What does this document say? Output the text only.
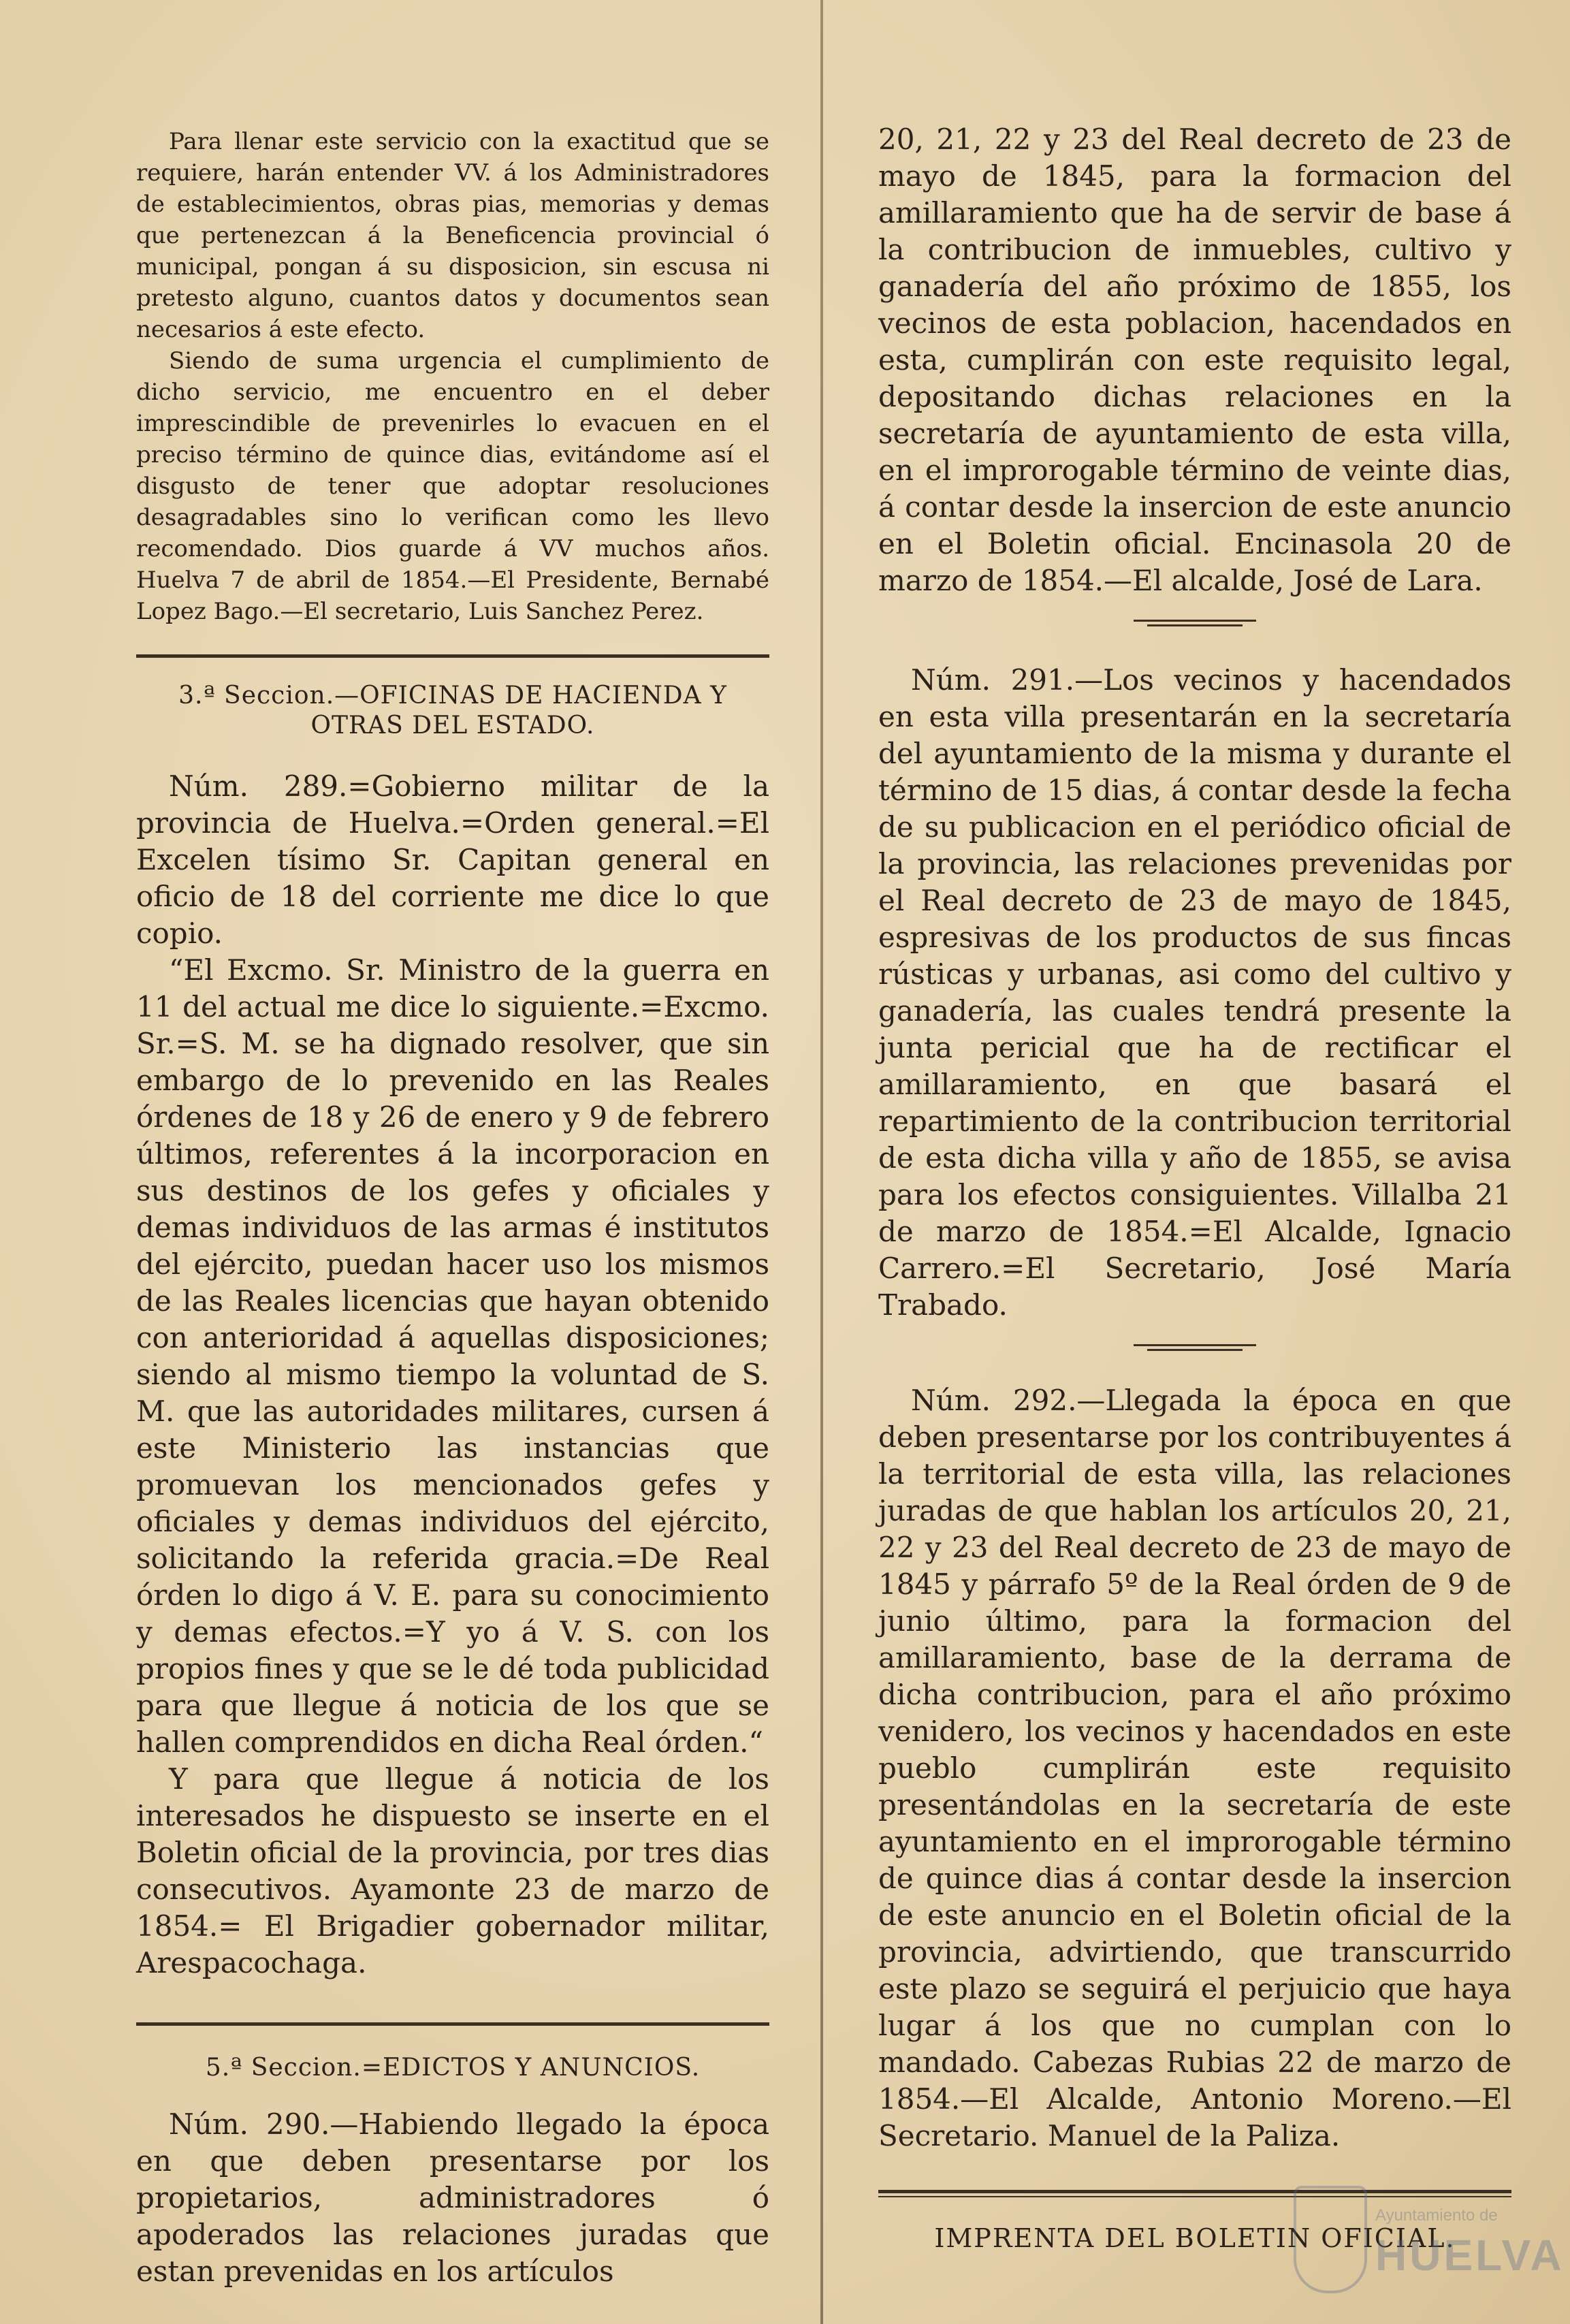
Para llenar este servicio con la exactitud que se requiere, harán entender VV. á los Administradores de establecimientos, obras pias, memorias y demas que pertenezcan á la Beneficencia provincial ó municipal, pongan á su disposicion, sin escusa ni pretesto alguno, cuantos datos y documentos sean necesarios á este efecto.

Siendo de suma urgencia el cumplimiento de dicho servicio, me encuentro en el deber imprescindible de prevenirles lo evacuen en el preciso término de quince dias, evitándome así el disgusto de tener que adoptar resoluciones desagradables sino lo verifican como les llevo recomendado. Dios guarde á VV muchos años. Huelva 7 de abril de 1854.—El Presidente, Bernabé Lopez Bago.—El secretario, Luis Sanchez Perez.

3.ª Seccion.—OFICINAS DE HACIENDA Y OTRAS DEL ESTADO.

Núm. 289.=Gobierno militar de la provincia de Huelva.=Orden general.=El Excelen tísimo Sr. Capitan general en oficio de 18 del corriente me dice lo que copio.

“El Excmo. Sr. Ministro de la guerra en 11 del actual me dice lo siguiente.=Excmo. Sr.=S. M. se ha dignado resolver, que sin embargo de lo prevenido en las Reales órdenes de 18 y 26 de enero y 9 de febrero últimos, referentes á la incorporacion en sus destinos de los gefes y oficiales y demas individuos de las armas é institutos del ejército, puedan hacer uso los mismos de las Reales licencias que hayan obtenido con anterioridad á aquellas disposiciones; siendo al mismo tiempo la voluntad de S. M. que las autoridades militares, cursen á este Ministerio las instancias que promuevan los mencionados gefes y oficiales y demas individuos del ejército, solicitando la referida gracia.=De Real órden lo digo á V. E. para su conocimiento y demas efectos.=Y yo á V. S. con los propios fines y que se le dé toda publicidad para que llegue á noticia de los que se hallen comprendidos en dicha Real órden.“

Y para que llegue á noticia de los interesados he dispuesto se inserte en el Boletin oficial de la provincia, por tres dias consecutivos. Ayamonte 23 de marzo de 1854.= El Brigadier gobernador militar, Arespacochaga.

5.ª Seccion.=EDICTOS Y ANUNCIOS.

Núm. 290.—Habiendo llegado la época en que deben presentarse por los propietarios, administradores ó apoderados las relaciones juradas que estan prevenidas en los artículos

20, 21, 22 y 23 del Real decreto de 23 de mayo de 1845, para la formacion del amillaramiento que ha de servir de base á la contribucion de inmuebles, cultivo y ganadería del año próximo de 1855, los vecinos de esta poblacion, hacendados en esta, cumplirán con este requisito legal, depositando dichas relaciones en la secretaría de ayuntamiento de esta villa, en el improrogable término de veinte dias, á contar desde la insercion de este anuncio en el Boletin oficial. Encinasola 20 de marzo de 1854.—El alcalde, José de Lara.

Núm. 291.—Los vecinos y hacendados en esta villa presentarán en la secretaría del ayuntamiento de la misma y durante el término de 15 dias, á contar desde la fecha de su publicacion en el periódico oficial de la provincia, las relaciones prevenidas por el Real decreto de 23 de mayo de 1845, espresivas de los productos de sus fincas rústicas y urbanas, asi como del cultivo y ganadería, las cuales tendrá presente la junta pericial que ha de rectificar el amillaramiento, en que basará el repartimiento de la contribucion territorial de esta dicha villa y año de 1855, se avisa para los efectos consiguientes. Villalba 21 de marzo de 1854.=El Alcalde, Ignacio Carrero.=El Secretario, José María Trabado.

Núm. 292.—Llegada la época en que deben presentarse por los contribuyentes á la territorial de esta villa, las relaciones juradas de que hablan los artículos 20, 21, 22 y 23 del Real decreto de 23 de mayo de 1845 y párrafo 5º de la Real órden de 9 de junio último, para la formacion del amillaramiento, base de la derrama de dicha contribucion, para el año próximo venidero, los vecinos y hacendados en este pueblo cumplirán este requisito presentándolas en la secretaría de este ayuntamiento en el improrogable término de quince dias á contar desde la insercion de este anuncio en el Boletin oficial de la provincia, advirtiendo, que transcurrido este plazo se seguirá el perjuicio que haya lugar á los que no cumplan con lo mandado. Cabezas Rubias 22 de marzo de 1854.—El Alcalde, Antonio Moreno.—El Secretario. Manuel de la Paliza.

IMPRENTA DEL BOLETIN OFICIAL.

Ayuntamiento de
HUELVA
